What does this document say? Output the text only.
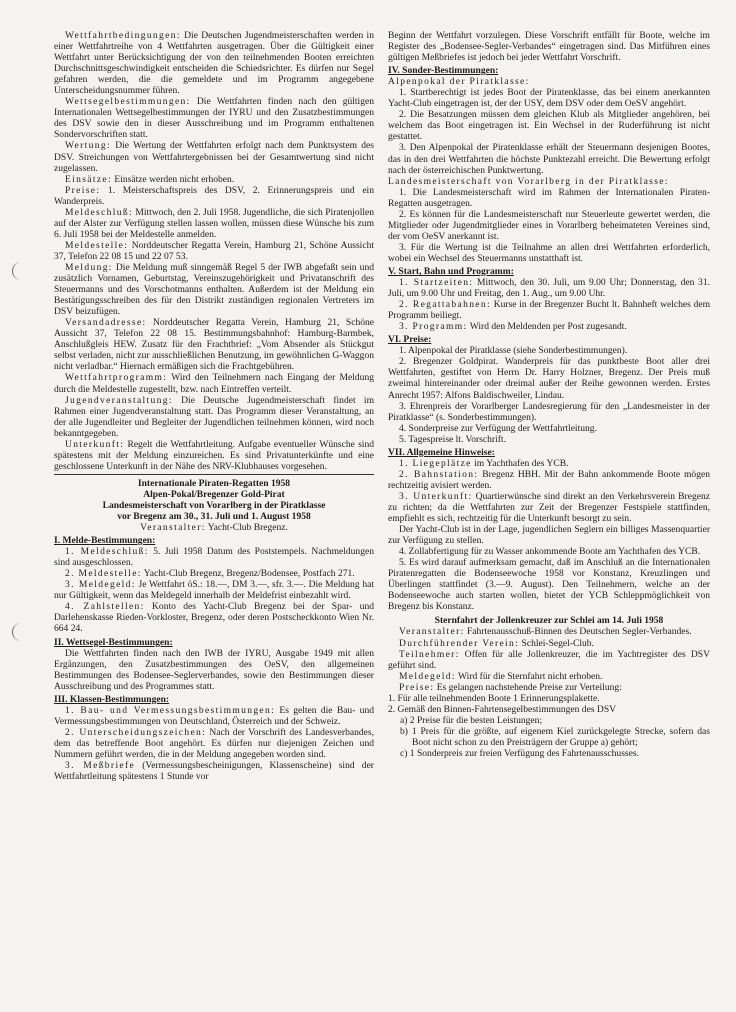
Wettfahrtbedingungen: Die Deutschen Jugendmeisterschaften werden in einer Wettfahrtreihe von 4 Wettfahrten ausgetragen. Über die Gültigkeit einer Wettfahrt unter Berücksichtigung der von den teilnehmenden Booten erreichten Durchschnittsgeschwindigkeit entscheiden die Schiedsrichter. Es dürfen nur Segel gefahren werden, die die gemeldete und im Programm angegebene Unterscheidungsnummer führen.

Wettsegelbestimmungen: Die Wettfahrten finden nach den gültigen Internationalen Wettsegelbestimmungen der IYRU und den Zusatzbestimmungen des DSV sowie den in dieser Ausschreibung und im Programm enthaltenen Sondervorschriften statt.

Wertung: Die Wertung der Wettfahrten erfolgt nach dem Punktsystem des DSV. Streichungen von Wettfahrtergebnissen bei der Gesamtwertung sind nicht zugelassen.

Einsätze: Einsätze werden nicht erhoben.

Preise: 1. Meisterschaftspreis des DSV, 2. Erinnerungspreis und ein Wanderpreis.

Meldeschluß: Mittwoch, den 2. Juli 1958. Jugendliche, die sich Piratenjollen auf der Alster zur Verfügung stellen lassen wollen, müssen diese Wünsche bis zum 6. Juli 1958 bei der Meldestelle anmelden.

Meldestelle: Norddeutscher Regatta Verein, Hamburg 21, Schöne Aussicht 37, Telefon 22 08 15 und 22 07 53.

Meldung: Die Meldung muß sinngemäß Regel 5 der IWB abgefaßt sein und zusätzlich Vornamen, Geburtstag, Vereinszugehörigkeit und Privatanschrift des Steuermanns und des Vorschotmanns enthalten. Außerdem ist der Meldung ein Bestätigungsschreiben des für den Distrikt zuständigen regionalen Vertreters im DSV beizufügen.

Versandadresse: Norddeutscher Regatta Verein, Hamburg 21, Schöne Aussicht 37, Telefon 22 08 15. Bestimmungsbahnhof: Hamburg-Barmbek, Anschlußgleis HEW. Zusatz für den Frachtbrief: „Vom Absender als Stückgut selbst verladen, nicht zur ausschließlichen Benutzung, im gewöhnlichen G-Waggon nicht verladbar.“ Hiernach ermäßigen sich die Frachtgebühren.

Wettfahrtprogramm: Wird den Teilnehmern nach Eingang der Meldung durch die Meldestelle zugestellt, bzw. nach Eintreffen verteilt.

Jugendveranstaltung: Die Deutsche Jugendmeisterschaft findet im Rahmen einer Jugendveranstaltung statt. Das Programm dieser Veranstaltung, an der alle Jugendleiter und Begleiter der Jugendlichen teilnehmen können, wird noch bekanntgegeben.

Unterkunft: Regelt die Wettfahrtleitung. Aufgabe eventueller Wünsche sind spätestens mit der Meldung einzureichen. Es sind Privatunterkünfte und eine geschlossene Unterkunft in der Nähe des NRV-Klubhauses vorgesehen.

Internationale Piraten-Regatten 1958

Alpen-Pokal/Bregenzer Gold-Pirat

Landesmeisterschaft von Vorarlberg in der Piratklasse

vor Bregenz am 30., 31. Juli und 1. August 1958

Veranstalter: Yacht-Club Bregenz.

I. Melde-Bestimmungen:

1. Meldeschluß: 5. Juli 1958 Datum des Poststempels. Nachmeldungen sind ausgeschlossen.

2. Meldestelle: Yacht-Club Bregenz, Bregenz/Bodensee, Postfach 271.

3. Meldegeld: Je Wettfahrt öS.: 18.—, DM 3.—, sfr. 3.—. Die Meldung hat nur Gültigkeit, wenn das Meldegeld innerhalb der Meldefrist einbezahlt wird.

4. Zahlstellen: Konto des Yacht-Club Bregenz bei der Spar- und Darlehenskasse Rieden-Vorkloster, Bregenz, oder deren Postscheckkonto Wien Nr. 664 24.

II. Wettsegel-Bestimmungen:

Die Wettfahrten finden nach den IWB der IYRU, Ausgabe 1949 mit allen Ergänzungen, den Zusatzbestimmungen des OeSV, den allgemeinen Bestimmungen des Bodensee-Seglerverbandes, sowie den Bestimmungen dieser Ausschreibung und des Programmes statt.

III. Klassen-Bestimmungen:

1. Bau- und Vermessungsbestimmungen: Es gelten die Bau- und Vermessungsbestimmungen von Deutschland, Österreich und der Schweiz.

2. Unterscheidungszeichen: Nach der Vorschrift des Landesverbandes, dem das betreffende Boot angehört. Es dürfen nur diejenigen Zeichen und Nummern geführt werden, die in der Meldung angegeben worden sind.

3. Meßbriefe (Vermessungsbescheinigungen, Klassenscheine) sind der Wettfahrtleitung spätestens 1 Stunde vor

Beginn der Wettfahrt vorzulegen. Diese Vorschrift entfällt für Boote, welche im Register des „Bodensee-Segler-Verbandes“ eingetragen sind. Das Mitführen eines gültigen Meßbriefes ist jedoch bei jeder Wettfahrt Vorschrift.

IV. Sonder-Bestimmungen:

Alpenpokal der Piratklasse:

1. Startberechtigt ist jedes Boot der Piratenklasse, das bei einem anerkannten Yacht-Club eingetragen ist, der der USY, dem DSV oder dem OeSV angehört.

2. Die Besatzungen müssen dem gleichen Klub als Mitglieder angehören, bei welchem das Boot eingetragen ist. Ein Wechsel in der Ruderführung ist nicht gestattet.

3. Den Alpenpokal der Piratenklasse erhält der Steuermann desjenigen Bootes, das in den drei Wettfahrten die höchste Punktezahl erreicht. Die Bewertung erfolgt nach der österreichischen Punktwertung.

Landesmeisterschaft von Vorarlberg in der Piratklasse:

1. Die Landesmeisterschaft wird im Rahmen der Internationalen Piraten-Regatten ausgetragen.

2. Es können für die Landesmeisterschaft nur Steuerleute gewertet werden, die Mitglieder oder Jugendmitglieder eines in Vorarlberg beheimateten Vereines sind, der vom OeSV anerkannt ist.

3. Für die Wertung ist die Teilnahme an allen drei Wettfahrten erforderlich, wobei ein Wechsel des Steuermanns unstatthaft ist.

V. Start, Bahn und Programm:

1. Startzeiten: Mittwoch, den 30. Juli, um 9.00 Uhr; Donnerstag, den 31. Juli, um 9.00 Uhr und Freitag, den 1. Aug., um 9.00 Uhr.

2. Regattabahnen: Kurse in der Bregenzer Bucht lt. Bahnheft welches dem Programm beiliegt.

3. Programm: Wird den Meldenden per Post zugesandt.

VI. Preise:

1. Alpenpokal der Piratklasse (siehe Sonderbestimmungen).

2. Bregenzer Goldpirat. Wanderpreis für das punktbeste Boot aller drei Wettfahrten, gestiftet von Herrn Dr. Harry Holzner, Bregenz. Der Preis muß zweimal hintereinander oder dreimal außer der Reihe gewonnen werden. Erstes Anrecht 1957: Alfons Baldischweiler, Lindau.

3. Ehrenpreis der Vorarlberger Landesregierung für den „Landesmeister in der Piratklasse“ (s. Sonderbestimmungen).

4. Sonderpreise zur Verfügung der Wettfahrtleitung.

5. Tagespreise lt. Vorschrift.

VII. Allgemeine Hinweise:

1. Liegeplätze im Yachthafen des YCB.

2. Bahnstation: Bregenz HBH. Mit der Bahn ankommende Boote mögen rechtzeitig avisiert werden.

3. Unterkunft: Quartierwünsche sind direkt an den Verkehrsverein Bregenz zu richten; da die Wettfahrten zur Zeit der Bregenzer Festspiele stattfinden, empfiehlt es sich, rechtzeitig für die Unterkunft besorgt zu sein.

Der Yacht-Club ist in der Lage, jugendlichen Seglern ein billiges Massenquartier zur Verfügung zu stellen.

4. Zollabfertigung für zu Wasser ankommende Boote am Yachthafen des YCB.

5. Es wird darauf aufmerksam gemacht, daß im Anschluß an die Internationalen Piratenregatten die Bodenseewoche 1958 vor Konstanz, Kreuzlingen und Überlingen stattfindet (3.—9. August). Den Teilnehmern, welche an der Bodenseewoche auch starten wollen, bietet der YCB Schleppmöglichkeit von Bregenz bis Konstanz.

Sternfahrt der Jollenkreuzer zur Schlei am 14. Juli 1958

Veranstalter: Fahrtenausschuß-Binnen des Deutschen Segler-Verbandes.

Durchführender Verein: Schlei-Segel-Club.

Teilnehmer: Offen für alle Jollenkreuzer, die im Yachtregister des DSV geführt sind.

Meldegeld: Wird für die Sternfahrt nicht erhoben.

Preise: Es gelangen nachstehende Preise zur Verteilung:

1. Für alle teilnehmenden Boote 1 Erinnerungsplakette.

2. Gemäß den Binnen-Fahrtensegelbestimmungen des DSV

a) 2 Preise für die besten Leistungen;

b) 1 Preis für die größte, auf eigenem Kiel zurückgelegte Strecke, sofern das Boot nicht schon zu den Preisträgern der Gruppe a) gehört;

c) 1 Sonderpreis zur freien Verfügung des Fahrtenausschusses.
